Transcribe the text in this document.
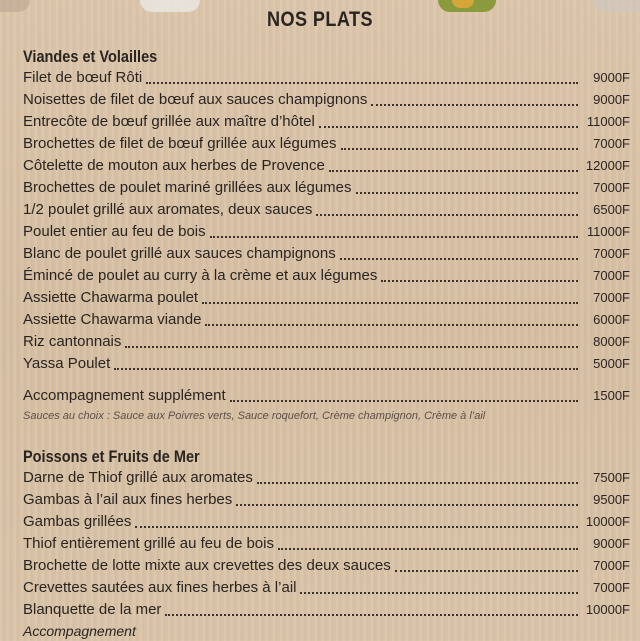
NOS PLATS
Viandes et Volailles
Filet de bœuf Rôti	9000F
Noisettes de filet de bœuf aux sauces champignons	9000F
Entrecôte de bœuf grillée aux maître d’hôtel	11000F
Brochettes de filet de bœuf grillée aux légumes	7000F
Côtelette de mouton aux herbes de Provence	12000F
Brochettes de poulet mariné grillées aux légumes	7000F
1/2 poulet grillé aux aromates, deux sauces	6500F
Poulet entier au feu de bois	11000F
Blanc de poulet grillé aux sauces champignons	7000F
Émincé de poulet au curry à la crème et aux légumes	7000F
Assiette Chawarma poulet	7000F
Assiette Chawarma viande	6000F
Riz cantonnais	8000F
Yassa Poulet	5000F
Accompagnement supplément	1500F
Sauces au choix : Sauce aux Poivres verts, Sauce roquefort, Crème champignon, Crème à l’ail
Poissons et Fruits de Mer
Darne de Thiof grillé aux aromates	7500F
Gambas à l’ail aux fines herbes	9500F
Gambas grillées	10000F
Thiof entièrement grillé au feu de bois	9000F
Brochette de lotte mixte aux crevettes des deux sauces	7000F
Crevettes sautées aux fines herbes à l’ail	7000F
Blanquette de la mer	10000F
Accompagnement
